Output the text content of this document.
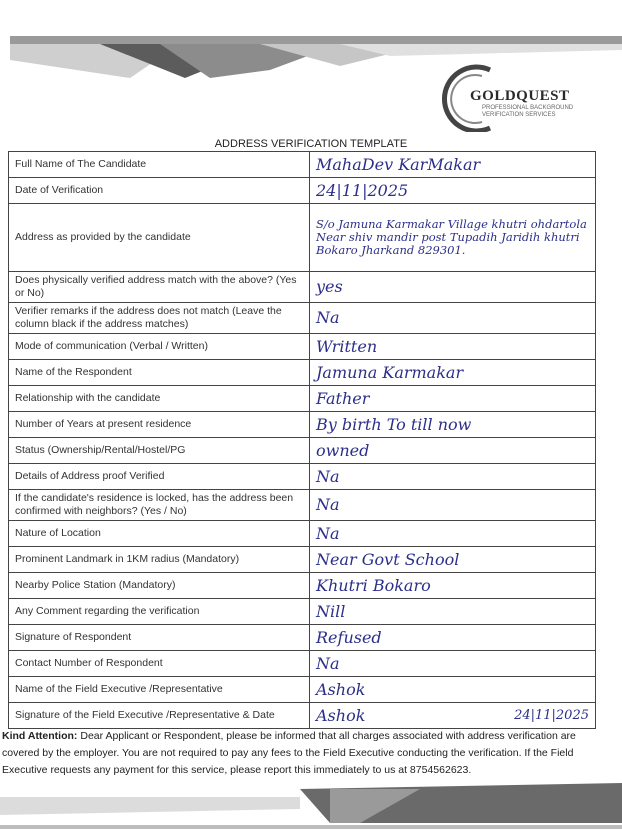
GOLDQUEST
PROFESSIONAL BACKGROUND VERIFICATION SERVICES
ADDRESS VERIFICATION TEMPLATE
Full Name of The Candidate	MahaDev KarMakar
Date of Verification	24|11|2025
Address as provided by the candidate	S/o Jamuna Karmakar Village khutri ohdartola Near shiv mandir post Tupadih Jaridih khutri Bokaro Jharkand 829301.
Does physically verified address match with the above? (Yes or No)	yes
Verifier remarks if the address does not match (Leave the column black if the address matches)	Na
Mode of communication (Verbal / Written)	Written
Name of the Respondent	Jamuna Karmakar
Relationship with the candidate	Father
Number of Years at present residence	By birth To till now
Status (Ownership/Rental/Hostel/PG	owned
Details of Address proof Verified	Na
If the candidate's residence is locked, has the address been confirmed with neighbors? (Yes / No)	Na
Nature of Location	Na
Prominent Landmark in 1KM radius (Mandatory)	Near Govt School
Nearby Police Station (Mandatory)	Khutri Bokaro
Any Comment regarding the verification	Nill
Signature of Respondent	Refused
Contact Number of Respondent	Na
Name of the Field Executive /Representative	Ashok
Signature of the Field Executive /Representative & Date	Ashok 24|11|2025
Kind Attention: Dear Applicant or Respondent, please be informed that all charges associated with address verification are covered by the employer. You are not required to pay any fees to the Field Executive conducting the verification. If the Field Executive requests any payment for this service, please report this immediately to us at 8754562623.
